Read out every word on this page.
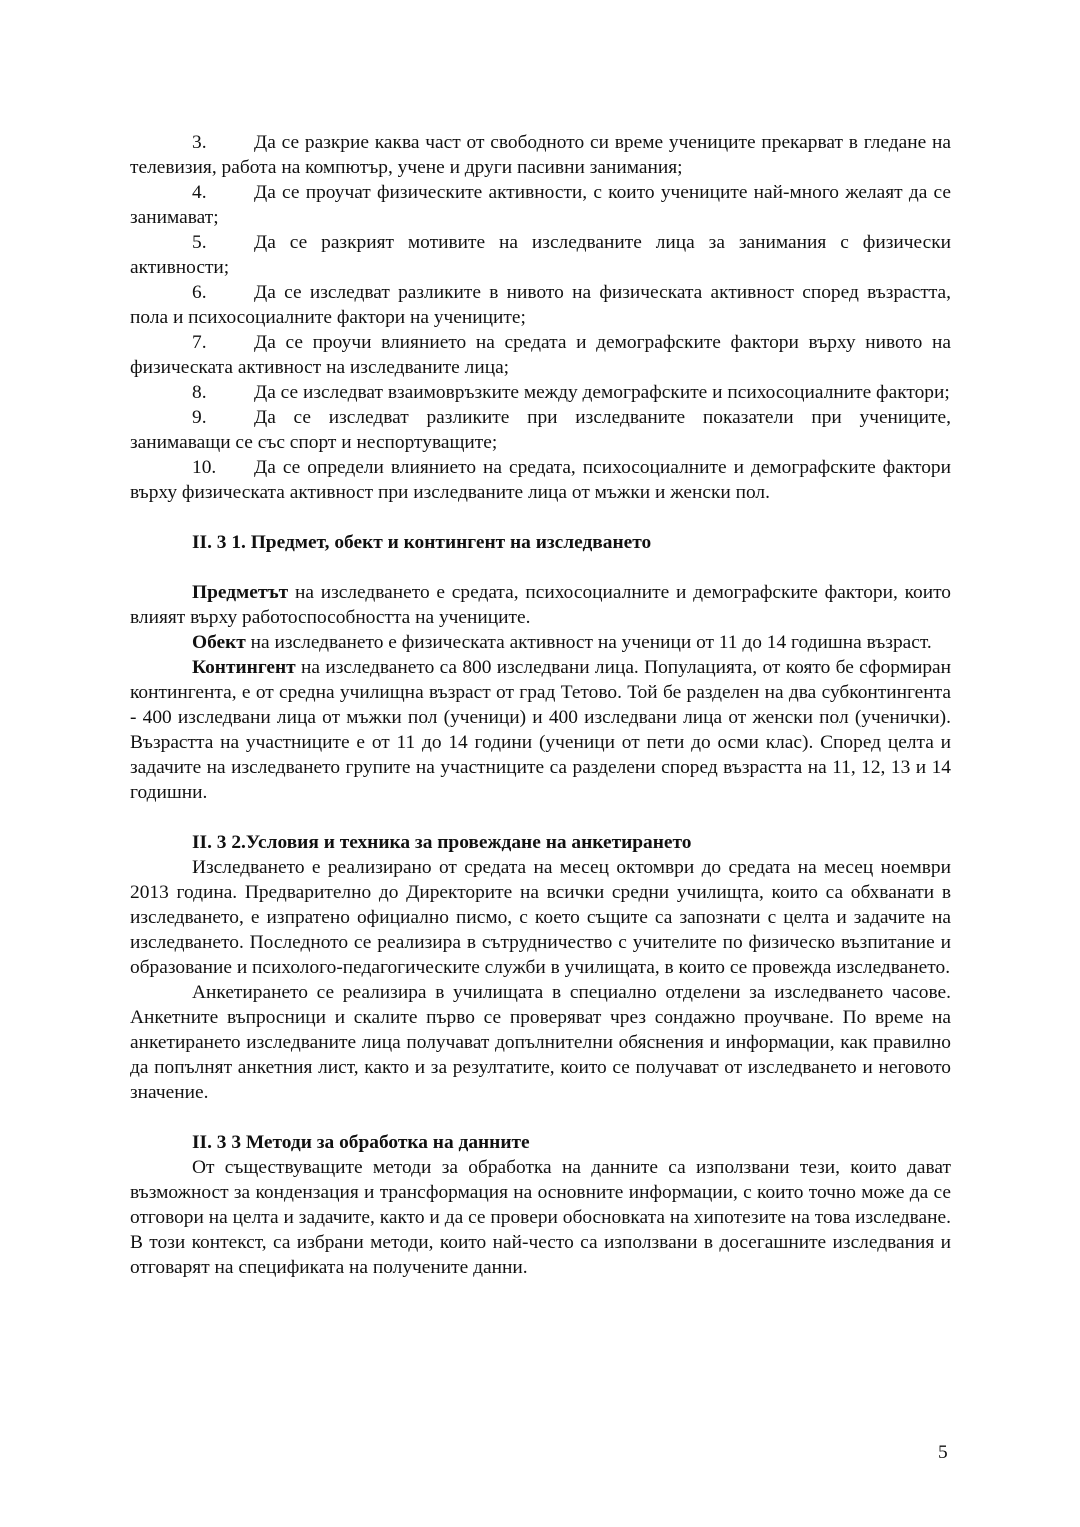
3. Да се разкрие каква част от свободното си време учениците прекарват в гледане на телевизия, работа на компютър, учене и други пасивни занимания;

4. Да се проучат физическите активности, с които учениците най-много желаят да се занимават;

5. Да се разкрият мотивите на изследваните лица за занимания с физически активности;

6. Да се изследват разликите в нивото на физическата активност според възрастта, пола и психосоциалните фактори на учениците;

7. Да се проучи влиянието на средата и демографските фактори върху нивото на физическата активност на изследваните лица;

8. Да се изследват взаимовръзките между демографските и психосоциалните фактори;

9. Да се изследват разликите при изследваните показатели при учениците, занимаващи се със спорт и неспортуващите;

10. Да се определи влиянието на средата, психосоциалните и демографските фактори върху физическата активност при изследваните лица от мъжки и женски пол.

II. 3 1. Предмет, обект и контингент на изследването

Предметът на изследването е средата, психосоциалните и демографските фактори, които влияят върху работоспособността на учениците.

Обект на изследването е физическата активност на ученици от 11 до 14 годишна възраст.

Контингент на изследването са 800 изследвани лица. Популацията, от която бе сформиран контингента, е от средна училищна възраст от град Тетово. Той бе разделен на два субконтингента - 400 изследвани лица от мъжки пол (ученици) и 400 изследвани лица от женски пол (ученички). Възрастта на участниците е от 11 до 14 години (ученици от пети до осми клас). Според целта и задачите на изследването групите на участниците са разделени според възрастта на 11, 12, 13 и 14 годишни.

II. 3 2.Условия и техника за провеждане на анкетирането

Изследването е реализирано от средата на месец октомври до средата на месец ноември 2013 година. Предварително до Директорите на всички средни училищта, които са обхванати в изследването, е изпратено официално писмо, с което същите са запознати с целта и задачите на изследването. Последното се реализира в сътрудничество с учителите по физическо възпитание и образование и психолого-педагогическите служби в училищата, в които се провежда изследването.

Анкетирането се реализира в училищата в специално отделени за изследването часове. Анкетните въпросници и скалите първо се проверяват чрез сондажно проучване. По време на анкетирането изследваните лица получават допълнителни обяснения и информации, как правилно да попълнят анкетния лист, както и за резултатите, които се получават от изследването и неговото значение.

II. 3 3 Методи за обработка на данните

От съществуващите методи за обработка на данните са използвани тези, които дават възможност за кондензация и трансформация на основните информации, с които точно може да се отговори на целта и задачите, както и да се провери обосновката на хипотезите на това изследване. В този контекст, са избрани методи, които най-често са използвани в досегашните изследвания и отговарят на спецификата на получените данни.

5
